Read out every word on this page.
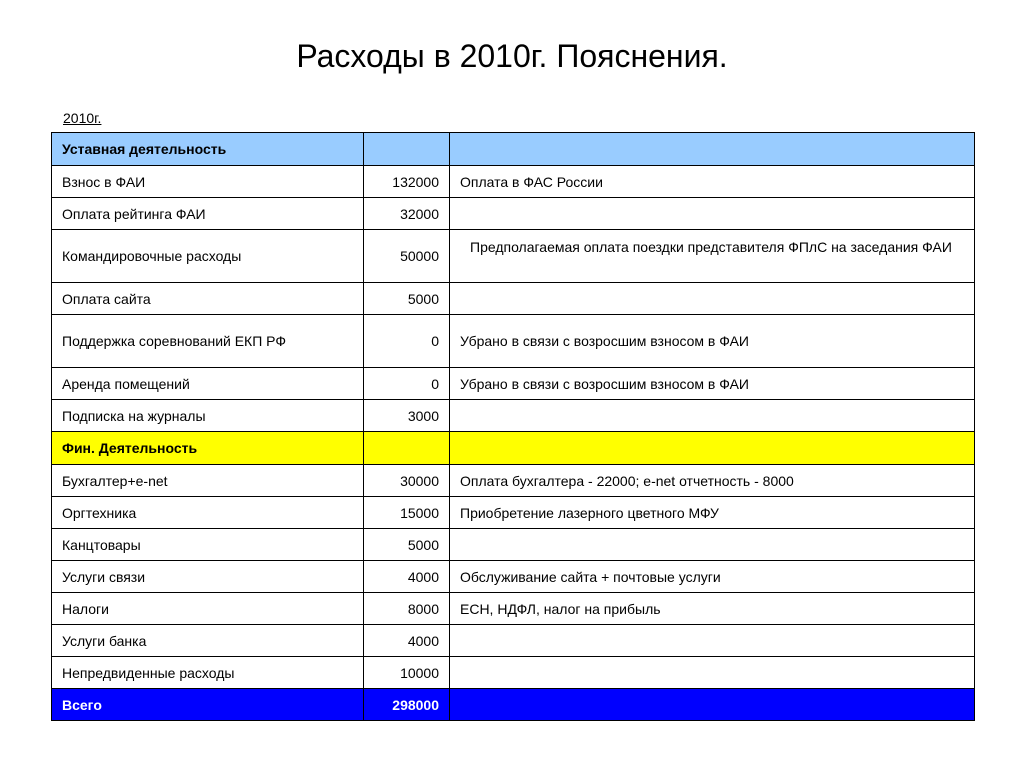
Расходы в 2010г. Пояснения.
2010г.
Уставная деятельность		
Взнос в ФАИ	132000	Оплата в ФАС России
Оплата рейтинга ФАИ	32000	
Командировочные расходы	50000	Предполагаемая оплата поездки представителя ФПлС на заседания ФАИ

Оплата сайта	5000	
Поддержка соревнований ЕКП РФ	0	Убрано в связи с возросшим взносом в ФАИ
Аренда помещений	0	Убрано в связи с возросшим взносом в ФАИ
Подписка на журналы	3000	
Фин. Деятельность		
Бухгалтер+e-net	30000	Оплата бухгалтера - 22000; e-net отчетность - 8000
Оргтехника	15000	Приобретение лазерного цветного МФУ
Канцтовары	5000	
Услуги связи	4000	Обслуживание сайта + почтовые услуги
Налоги	8000	ЕСН, НДФЛ, налог на прибыль
Услуги банка	4000	
Непредвиденные расходы	10000	
Всего	298000	
